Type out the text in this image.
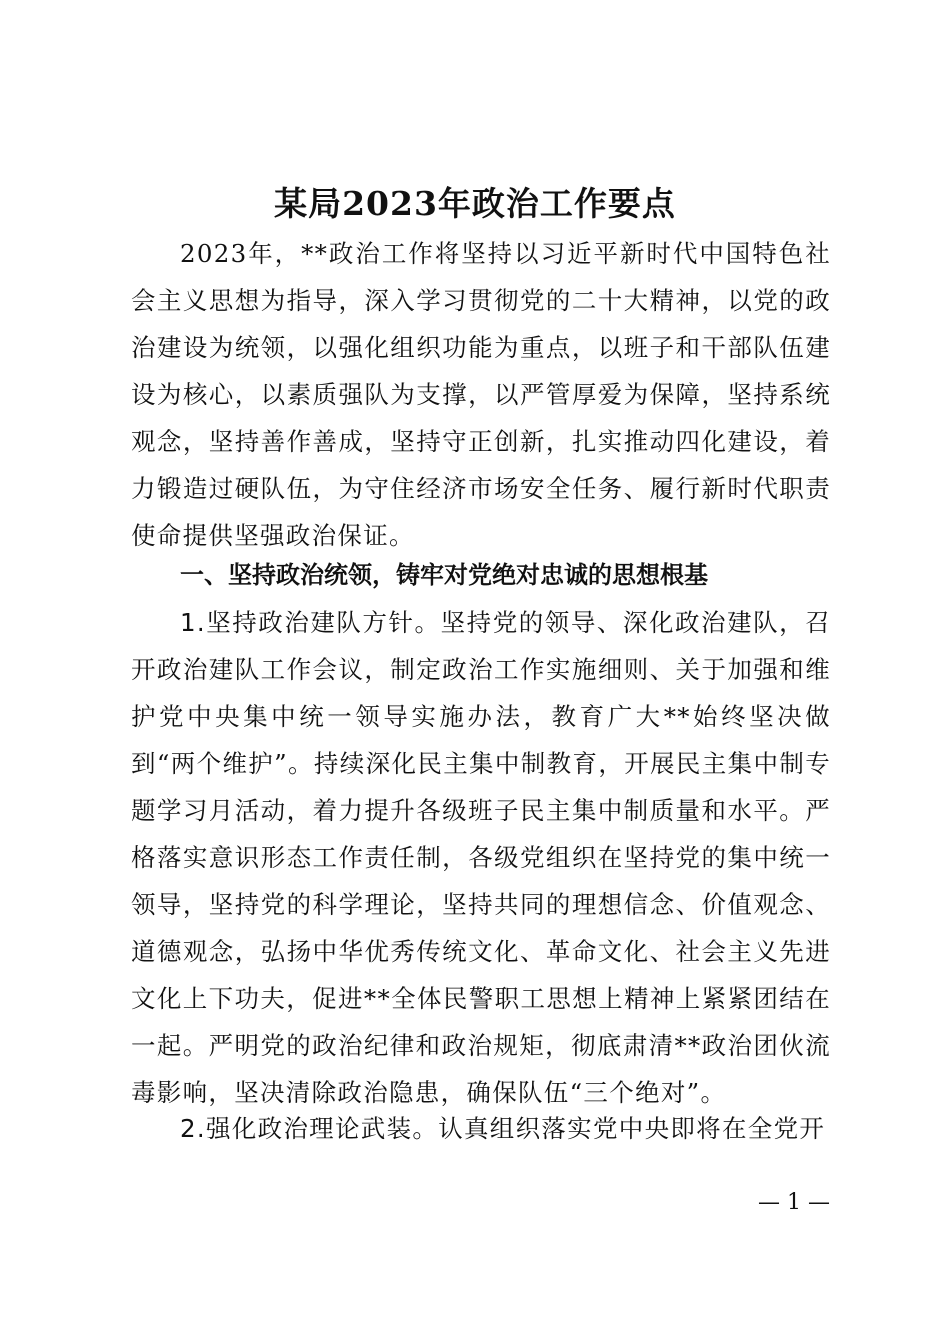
某局2023年政治工作要点

2023年，**政治工作将坚持以习近平新时代中国特色社会主义思想为指导，深入学习贯彻党的二十大精神，以党的政治建设为统领，以强化组织功能为重点，以班子和干部队伍建设为核心，以素质强队为支撑，以严管厚爱为保障，坚持系统观念，坚持善作善成，坚持守正创新，扎实推动四化建设，着力锻造过硬队伍，为守住经济市场安全任务、履行新时代职责使命提供坚强政治保证。

一、坚持政治统领，铸牢对党绝对忠诚的思想根基

1.坚持政治建队方针。坚持党的领导、深化政治建队，召开政治建队工作会议，制定政治工作实施细则、关于加强和维护党中央集中统一领导实施办法，教育广大**始终坚决做到“两个维护”。持续深化民主集中制教育，开展民主集中制专题学习月活动，着力提升各级班子民主集中制质量和水平。严格落实意识形态工作责任制，各级党组织在坚持党的集中统一领导，坚持党的科学理论，坚持共同的理想信念、价值观念、道德观念，弘扬中华优秀传统文化、革命文化、社会主义先进文化上下功夫，促进**全体民警职工思想上精神上紧紧团结在一起。严明党的政治纪律和政治规矩，彻底肃清**政治团伙流毒影响，坚决清除政治隐患，确保队伍“三个绝对”。

2.强化政治理论武装。认真组织落实党中央即将在全党开

— 1 —
